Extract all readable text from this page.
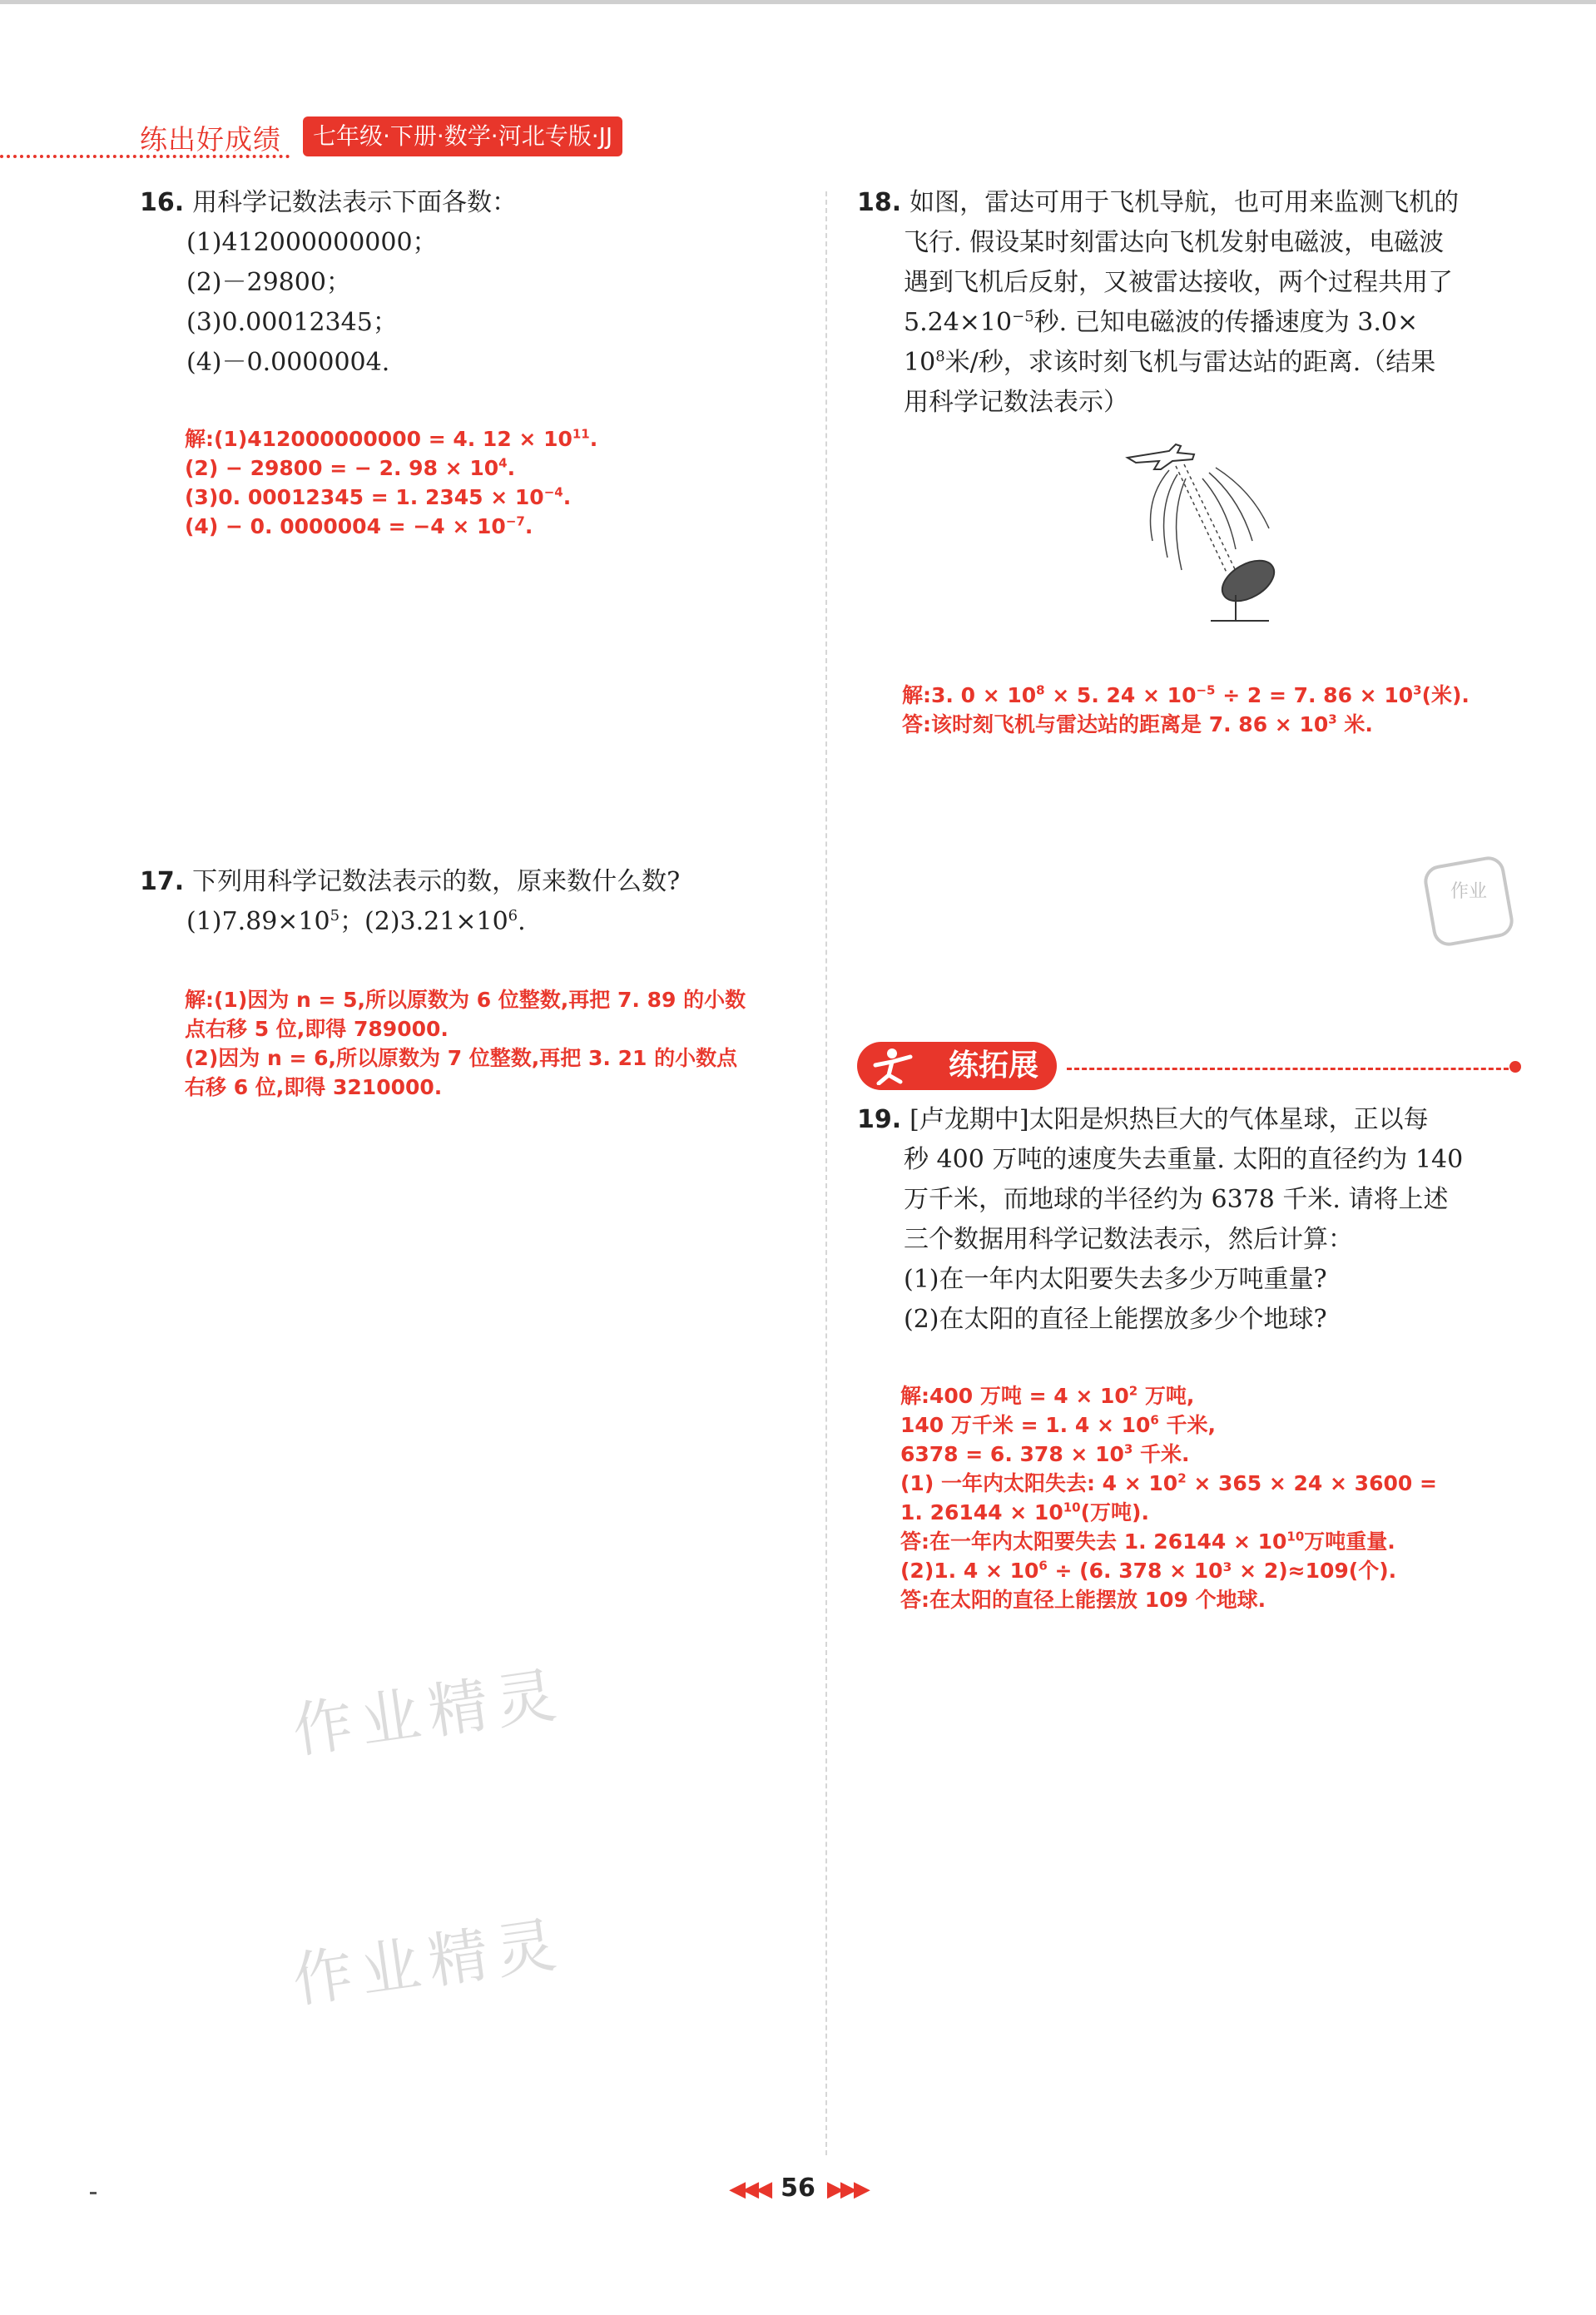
练出好成绩	七年级·下册·数学·河北专版·JJ
16. 用科学记数法表示下面各数：
(1)412000000000；
(2)－29800；
(3)0.00012345；
(4)－0.0000004.
解:(1)412000000000 = 4. $12 \times 10^{11}$.
(2) − 29800 = − 2. $98 \times 10^4$.
(3)0. 00012345 = 1. $2345 \times 10^{-4}$.
(4) − 0. $0000004 = -4 \times 10^{-7}$.
17. 下列用科学记数法表示的数，原来数什么数?
$(1)7.89\times 10^5$；$(2)3.21\times 10^6$.
解:(1)因为 n = 5,所以原数为 6 位整数,再把 7. 89 的小数
点右移 5 位,即得 789000.
(2)因为 n = 6,所以原数为 7 位整数,再把 3. 21 的小数点
右移 6 位,即得 3210000.
18. 如图，雷达可用于飞机导航，也可用来监测飞机的
飞行. 假设某时刻雷达向飞机发射电磁波，电磁波
遇到飞机后反射，又被雷达接收，两个过程共用了
$5.24\times 10^{-5}$秒. 已知电磁波的传播速度为 3.0×
$10^8$米/秒，求该时刻飞机与雷达站的距离.（结果
用科学记数法表示）
解:3. $0 \times 10^8 \times 5$. $24 \times 10^{-5} \div 2 = 7$. $86 \times 10^3$(米).
答:该时刻飞机与雷达站的距离是 7. $86 \times 10^3$ 米.
作业
练拓展
19. [卢龙期中]太阳是炽热巨大的气体星球，正以每
秒 400 万吨的速度失去重量. 太阳的直径约为 140
万千米，而地球的半径约为 6378 千米. 请将上述
三个数据用科学记数法表示，然后计算：
(1)在一年内太阳要失去多少万吨重量?
(2)在太阳的直径上能摆放多少个地球?
解:400 万吨 = $4 \times 10^2$ 万吨,
140 万千米 = 1. $4 \times 10^6$ 千米,
6378 = 6. $378 \times 10^3$ 千米.
(1) 一年内太阳失去: $4 \times 10^2 \times 365 \times 24 \times 3600$ =
1. $26144 \times 10^{10}$(万吨).
答:在一年内太阳要失去 1. $26144 \times 10^{10}$万吨重量.
(2)1. $4 \times 10^6 \div (6$. 378 × 10³ × 2)≈109(个).
答:在太阳的直径上能摆放 109 个地球.
作业精灵
作业精灵
◀◀◀ 56 ▶▶▶
